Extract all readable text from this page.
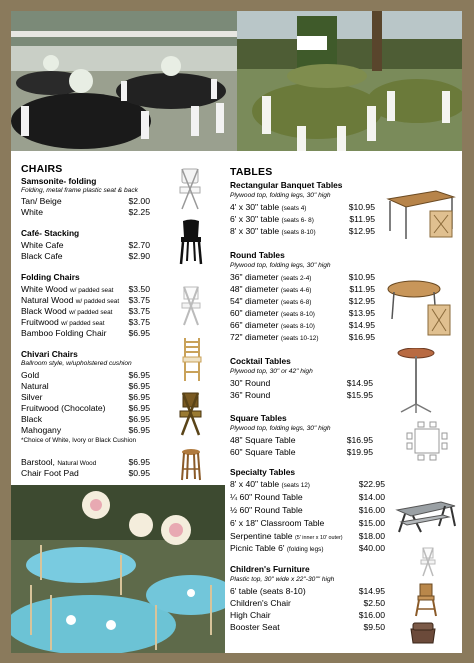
CHAIRS
Samsonite- folding
Folding, metal frame plastic seat & back
Tan/ Beige	$2.00
White	$2.25
Café- Stacking
White Cafe	$2.70
Black Cafe	$2.90
Folding Chairs
White Wood w/ padded seat	$3.50
Natural Wood w/ padded seat	$3.75
Black Wood w/ padded seat	$3.75
Fruitwood w/ padded seat	$3.75
Bamboo Folding Chair	$6.95
Chivari Chairs
Ballroom style, w/upholstered cushion
Gold	$6.95
Natural	$6.95
Silver	$6.95
Fruitwood (Chocolate)	$6.95
Black	$6.95
Mahogany	$6.95
*Choice of White, Ivory or Black Cushion
Barstool, Natural Wood	$6.95
Chair Foot Pad	$0.95
TABLES
Rectangular Banquet Tables
Plywood top, folding legs, 30" high
4' x 30" table (seats 4)	$10.95
6' x 30" table (seats 6- 8)	$11.95
8' x 30" table (seats 8-10)	$12.95
Round Tables
Plywood top, folding legs, 30" high
36" diameter (seats 2-4)	$10.95
48" diameter (seats 4-6)	$11.95
54" diameter (seats 6-8)	$12.95
60" diameter (seats 8-10)	$13.95
66" diameter (seats 8-10)	$14.95
72" diameter (seats 10-12)	$16.95
Cocktail Tables
Plywood top, 30" or 42" high
30" Round	$14.95
36" Round	$15.95
Square Tables
Plywood top, folding legs, 30" high
48" Square Table	$16.95
60" Square Table	$19.95
Specialty Tables
8' x 40" table (seats 12)	$22.95
¼ 60" Round Table	$14.00
½ 60" Round Table	$16.00
6' x 18" Classroom Table	$15.00
Serpentine table (5' inner x 10' outer)	$18.00
Picnic Table 6' (folding legs)	$40.00
Children's Furniture
Plastic top, 30" wide x 22"-30"" high
6' table (seats 8-10)	$14.95
Children's Chair	$2.50
High Chair	$16.00
Booster Seat	$9.50
